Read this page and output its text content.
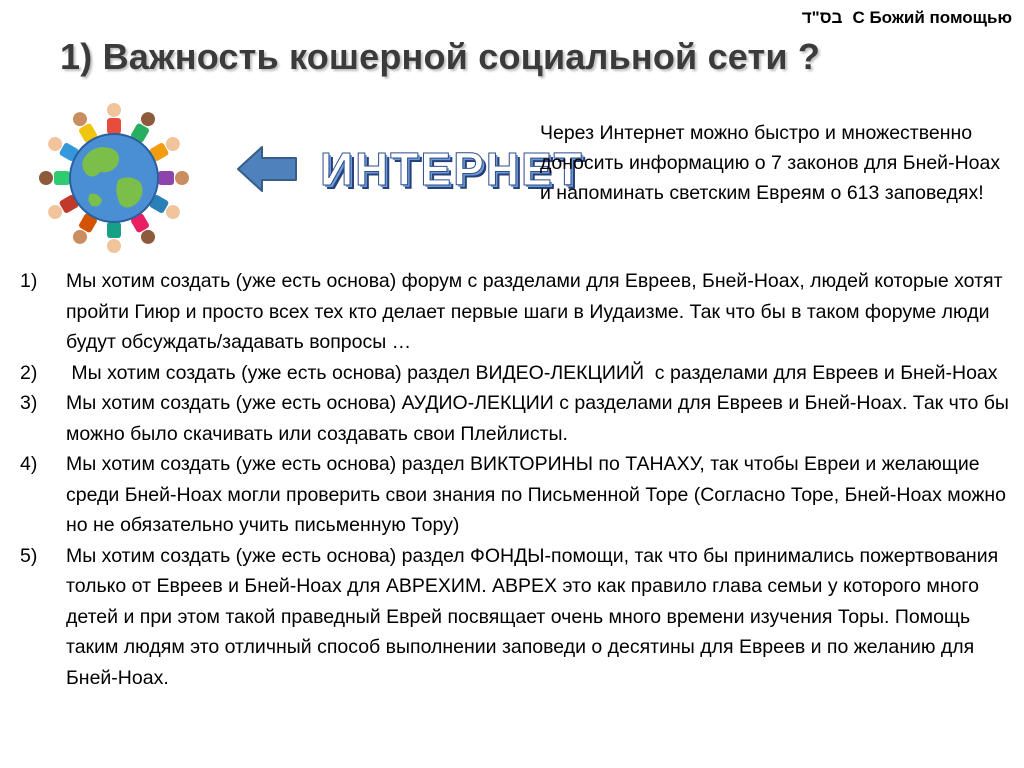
בס"ד С Божий помощью
1) Важность кошерной социальной сети ?
ИНТЕРНЕТ

Через Интернет можно быстро и множественно доносить информацию о 7 законов для Бней-Ноах и напоминать светским Евреям о 613 заповедях!

1)	Мы хотим создать (уже есть основа) форум с разделами для Евреев, Бней-Ноах, людей которые хотят пройти Гиюр и просто всех тех кто делает первые шаги в Иудаизме. Так что бы в таком форуме люди будут обсуждать/задавать вопросы …
2)	Мы хотим создать (уже есть основа) раздел ВИДЕО-ЛЕКЦИИЙ  с разделами для Евреев и Бней-Ноах
3)	Мы хотим создать (уже есть основа) АУДИО-ЛЕКЦИИ с разделами для Евреев и Бней-Ноах. Так что бы можно было скачивать или создавать свои Плейлисты.
4)	Мы хотим создать (уже есть основа) раздел ВИКТОРИНЫ по ТАНАХУ, так чтобы Евреи и желающие среди Бней-Ноах могли проверить свои знания по Письменной Торе (Согласно Торе, Бней-Ноах можно но не обязательно учить письменную Тору)
5)	Мы хотим создать (уже есть основа) раздел ФОНДЫ-помощи, так что бы принимались пожертвования только от Евреев и Бней-Ноах для АВРЕХИМ. АВРЕХ это как правило глава семьи у которого много детей и при этом такой праведный Еврей посвящает очень много времени изучения Торы. Помощь таким людям это отличный способ выполнении заповеди о десятины для Евреев и по желанию для Бней-Ноах.
